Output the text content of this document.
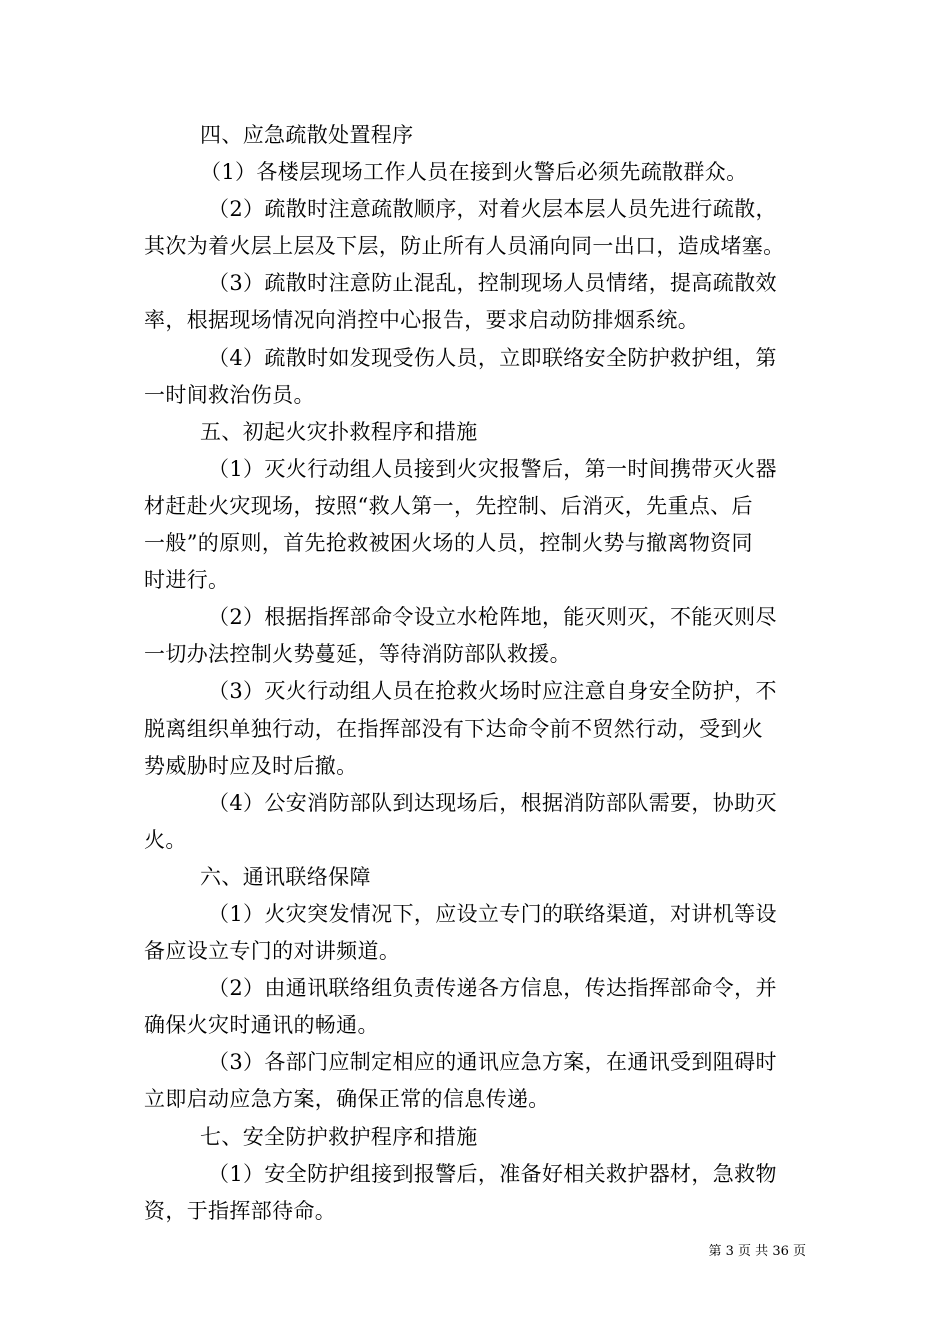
四、应急疏散处置程序
（1）各楼层现场工作人员在接到火警后必须先疏散群众。
（2）疏散时注意疏散顺序，对着火层本层人员先进行疏散，
其次为着火层上层及下层，防止所有人员涌向同一出口，造成堵塞。
（3）疏散时注意防止混乱，控制现场人员情绪，提高疏散效
率，根据现场情况向消控中心报告，要求启动防排烟系统。
（4）疏散时如发现受伤人员，立即联络安全防护救护组，第
一时间救治伤员。
五、初起火灾扑救程序和措施
（1）灭火行动组人员接到火灾报警后，第一时间携带灭火器
材赶赴火灾现场，按照“救人第一，先控制、后消灭，先重点、后
一般”的原则，首先抢救被困火场的人员，控制火势与撤离物资同
时进行。
（2）根据指挥部命令设立水枪阵地，能灭则灭，不能灭则尽
一切办法控制火势蔓延，等待消防部队救援。
（3）灭火行动组人员在抢救火场时应注意自身安全防护，不
脱离组织单独行动，在指挥部没有下达命令前不贸然行动，受到火
势威胁时应及时后撤。
（4）公安消防部队到达现场后，根据消防部队需要，协助灭
火。
六、通讯联络保障
（1）火灾突发情况下，应设立专门的联络渠道，对讲机等设
备应设立专门的对讲频道。
（2）由通讯联络组负责传递各方信息，传达指挥部命令，并
确保火灾时通讯的畅通。
（3）各部门应制定相应的通讯应急方案，在通讯受到阻碍时
立即启动应急方案，确保正常的信息传递。
七、安全防护救护程序和措施
（1）安全防护组接到报警后，准备好相关救护器材，急救物
资，于指挥部待命。
第 3 页 共 36 页
